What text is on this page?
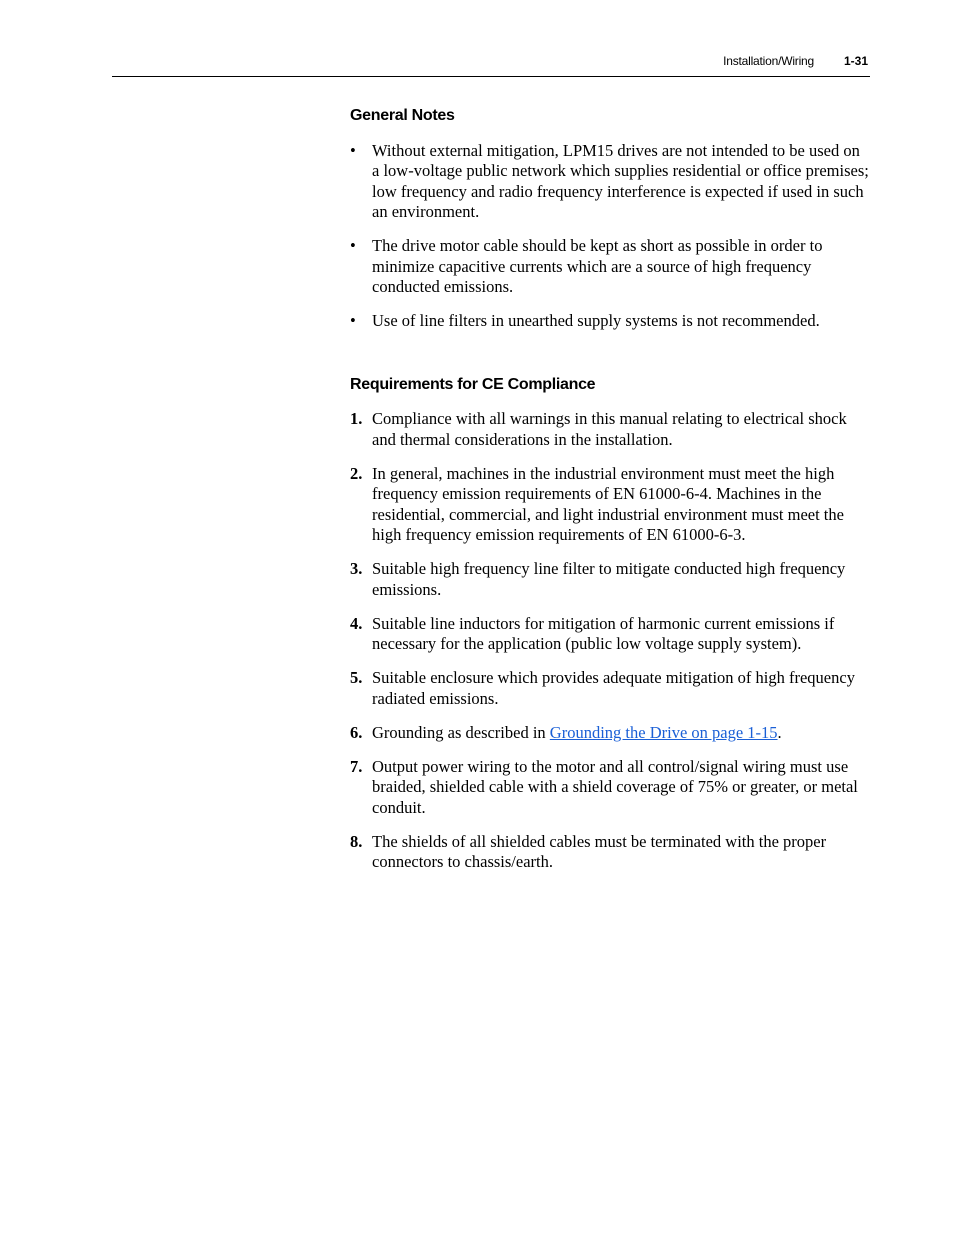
Installation/Wiring 1-31
General Notes
• Without external mitigation, LPM15 drives are not intended to be used on a low-voltage public network which supplies residential or office premises; low frequency and radio frequency interference is expected if used in such an environment.
• The drive motor cable should be kept as short as possible in order to minimize capacitive currents which are a source of high frequency conducted emissions.
• Use of line filters in unearthed supply systems is not recommended.
Requirements for CE Compliance
1. Compliance with all warnings in this manual relating to electrical shock and thermal considerations in the installation.
2. In general, machines in the industrial environment must meet the high frequency emission requirements of EN 61000-6-4. Machines in the residential, commercial, and light industrial environment must meet the high frequency emission requirements of EN 61000-6-3.
3. Suitable high frequency line filter to mitigate conducted high frequency emissions.
4. Suitable line inductors for mitigation of harmonic current emissions if necessary for the application (public low voltage supply system).
5. Suitable enclosure which provides adequate mitigation of high frequency radiated emissions.
6. Grounding as described in Grounding the Drive on page 1-15.
7. Output power wiring to the motor and all control/signal wiring must use braided, shielded cable with a shield coverage of 75% or greater, or metal conduit.
8. The shields of all shielded cables must be terminated with the proper connectors to chassis/earth.
